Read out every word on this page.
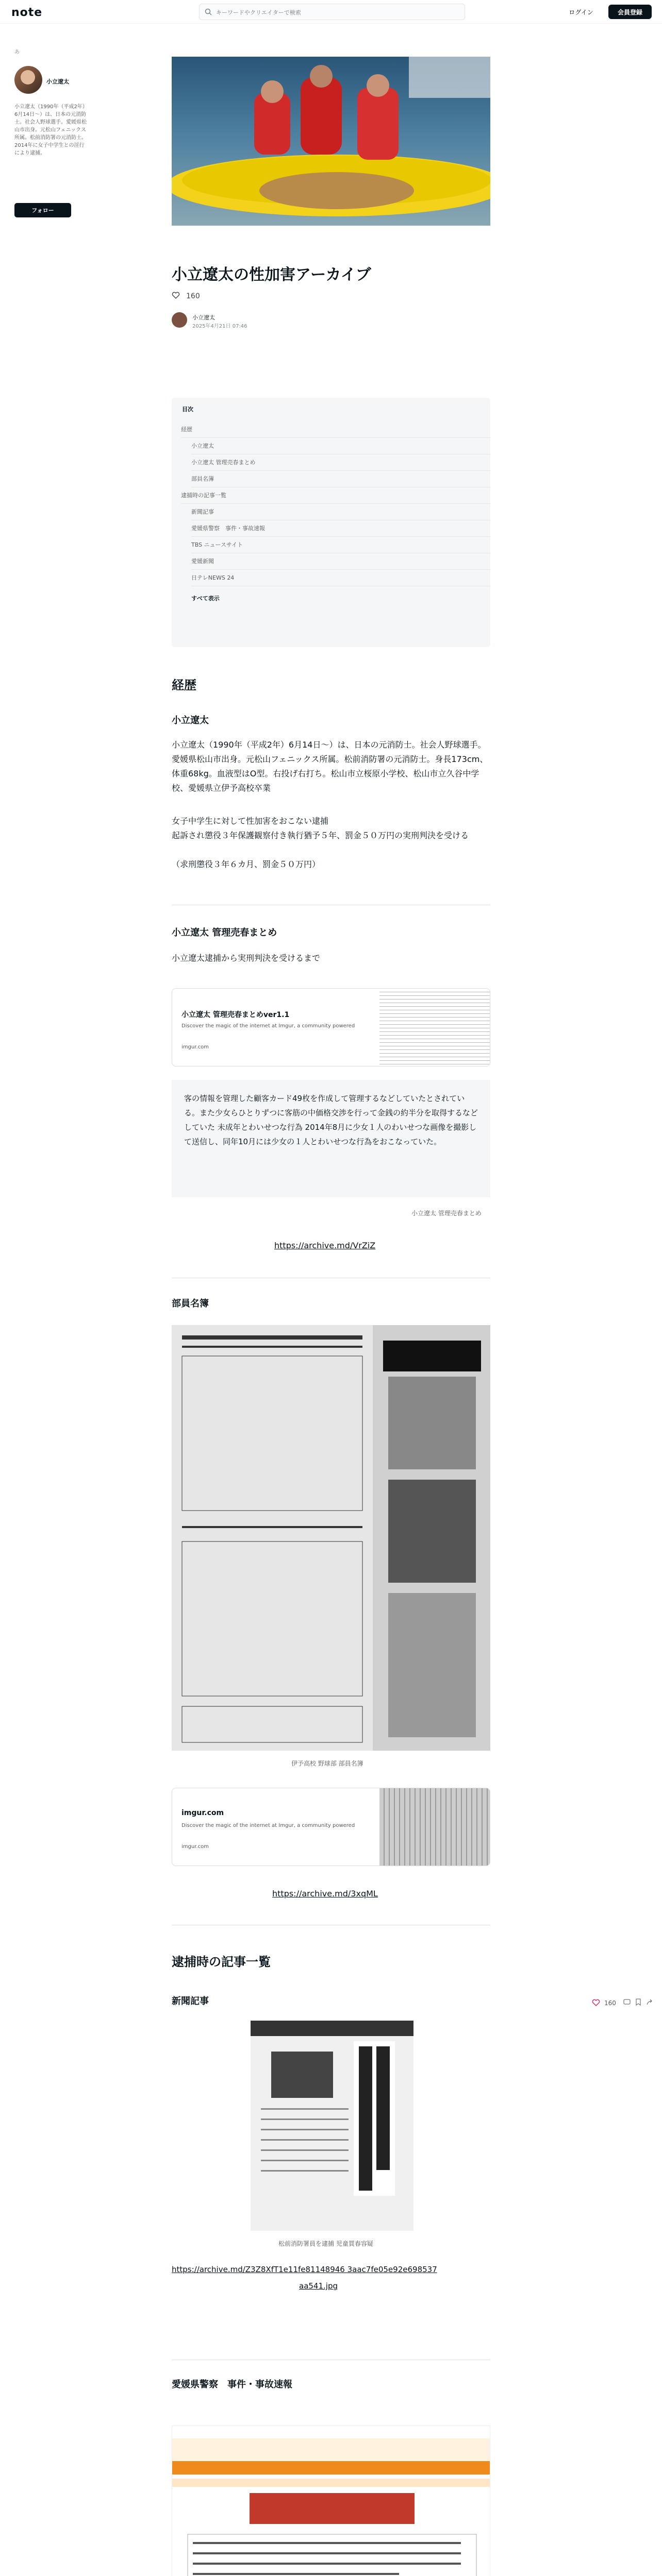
note
キーワードやクリエイターで検索	ログイン	会員登録
あ
小立遼太
小立遼太（1990年（平成2年）6月14日～）は、日本の元消防士。社会人野球選手。愛媛県松山市出身。元松山フェニックス所属。松前消防署の元消防士。2014年に女子中学生との淫行により逮捕。
フォロー
小立遼太の性加害アーカイブ
160
小立遼太
2025年4月21日 07:46
目次
経歴
小立遼太
小立遼太 管理売春まとめ
部員名簿
逮捕時の記事一覧
新聞記事
愛媛県警察　事件・事故速報
TBS ニュースサイト
愛媛新聞
日テレNEWS 24
すべて表示
経歴
小立遼太
小立遼太（1990年（平成2年）6月14日～）は、日本の元消防士。社会人野球選手。愛媛県松山市出身。元松山フェニックス所属。松前消防署の元消防士。身長173cm、体重68kg。血液型はO型。右投げ右打ち。松山市立桜原小学校、松山市立久谷中学校、愛媛県立伊予高校卒業
女子中学生に対して性加害をおこない逮捕
起訴され懲役３年保護観察付き執行猶予５年、罰金５０万円の実刑判決を受ける
（求刑懲役３年６カ月、罰金５０万円）
小立遼太 管理売春まとめ
小立遼太逮捕から実刑判決を受けるまで
小立遼太 管理売春まとめver1.1
Discover the magic of the internet at Imgur, a community powered
imgur.com
客の情報を管理した顧客カード49枚を作成して管理するなどしていたとされている。また少女らひとりずつに客筋の中価格交渉を行って金銭の約半分を取得するなどしていた 未成年とわいせつな行為 2014年8月に少女１人のわいせつな画像を撮影して送信し、同年10月には少女の１人とわいせつな行為をおこなっていた。
小立遼太 管理売春まとめ
https://archive.md/VrZiZ
部員名簿
伊予高校 野球部 部員名簿
imgur.com
Discover the magic of the internet at Imgur, a community powered
imgur.com
https://archive.md/3xqML
逮捕時の記事一覧
新聞記事	160
松前消防署員を逮捕 児童買春容疑
https://archive.md/Z3Z8XfT1e11fe81148946 3aac7fe05e92e698537
aa541.jpg
愛媛県警察　事件・事故速報
